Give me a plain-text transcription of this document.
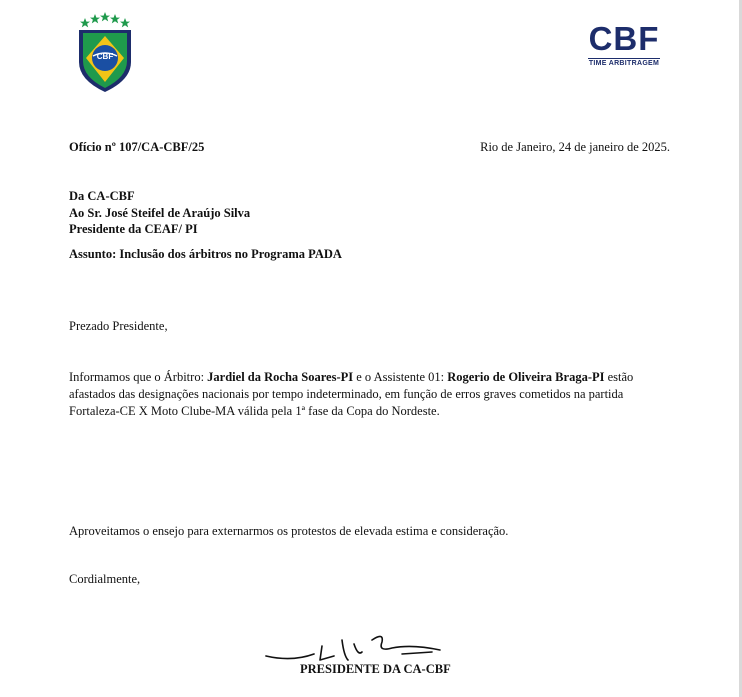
CBF	CBF
TIME ARBITRAGEM
Ofício nº 107/CA-CBF/25	Rio de Janeiro, 24 de janeiro de 2025.
Da CA-CBF
Ao Sr. José Steifel de Araújo Silva
Presidente da CEAF/ PI
Assunto: Inclusão dos árbitros no Programa PADA
Prezado Presidente,
Informamos que o Árbitro: Jardiel da Rocha Soares-PI e o Assistente 01: Rogerio de Oliveira Braga-PI estão
afastados das designações nacionais por tempo indeterminado, em função de erros graves cometidos na partida
Fortaleza-CE X Moto Clube-MA válida pela 1ª fase da Copa do Nordeste.
Aproveitamos o ensejo para externarmos os protestos de elevada estima e consideração.
Cordialmente,
PRESIDENTE DA CA-CBF
